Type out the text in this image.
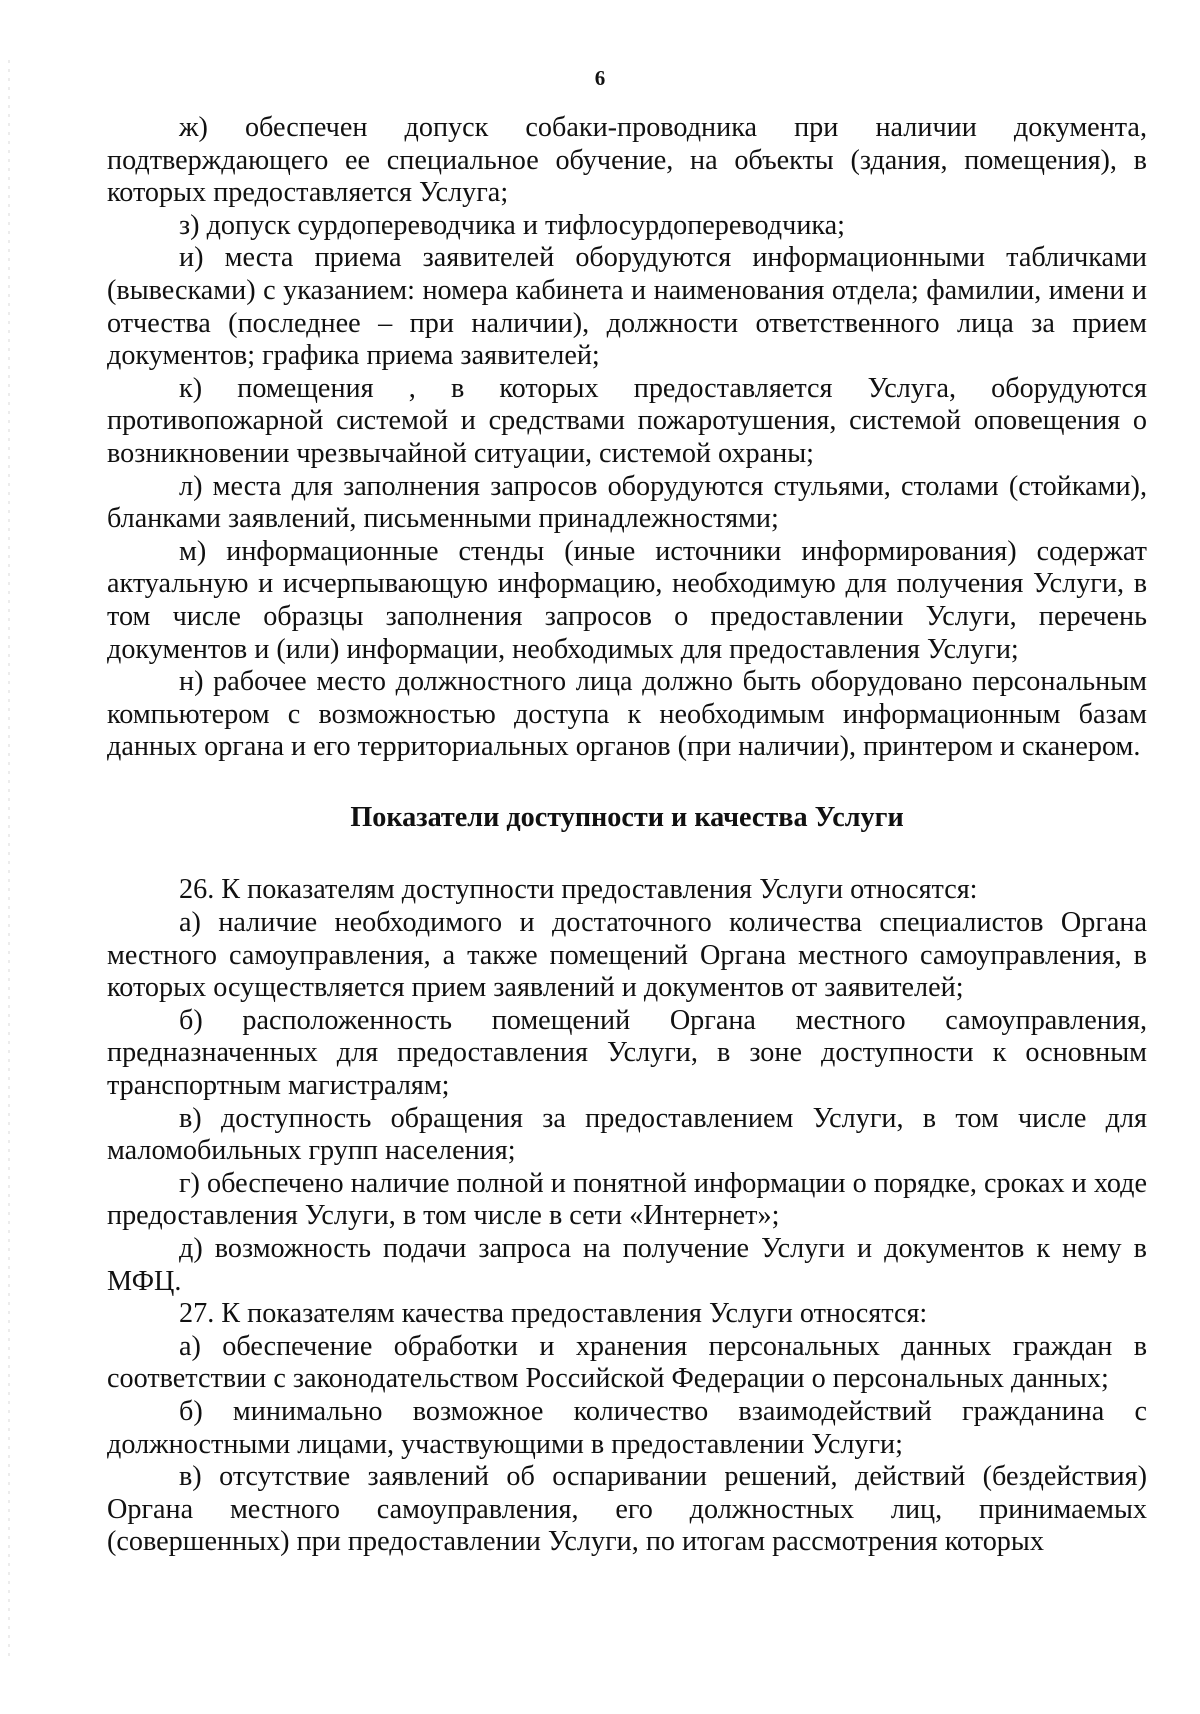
6

ж) обеспечен допуск собаки-проводника при наличии документа, подтверждающего ее специальное обучение, на объекты (здания, помещения), в которых предоставляется Услуга;

з) допуск сурдопереводчика и тифлосурдопереводчика;

и) места приема заявителей оборудуются информационными табличками (вывесками) с указанием: номера кабинета и наименования отдела; фамилии, имени и отчества (последнее – при наличии), должности ответственного лица за прием документов; графика приема заявителей;

к) помещения , в которых предоставляется Услуга, оборудуются противопожарной системой и средствами пожаротушения, системой оповещения о возникновении чрезвычайной ситуации, системой охраны;

л) места для заполнения запросов оборудуются стульями, столами (стойками), бланками заявлений, письменными принадлежностями;

м) информационные стенды (иные источники информирования) содержат актуальную и исчерпывающую информацию, необходимую для получения Услуги, в том числе образцы заполнения запросов о предоставлении Услуги, перечень документов и (или) информации, необходимых для предоставления Услуги;

н) рабочее место должностного лица должно быть оборудовано персональным компьютером с возможностью доступа к необходимым информационным базам данных органа и его территориальных органов (при наличии), принтером и сканером.

Показатели доступности и качества Услуги

26. К показателям доступности предоставления Услуги относятся:

а) наличие необходимого и достаточного количества специалистов Органа местного самоуправления, а также помещений Органа местного самоуправления, в которых осуществляется прием заявлений и документов от заявителей;

б) расположенность помещений Органа местного самоуправления, предназначенных для предоставления Услуги, в зоне доступности к основным транспортным магистралям;

в) доступность обращения за предоставлением Услуги, в том числе для маломобильных групп населения;

г) обеспечено наличие полной и понятной информации о порядке, сроках и ходе предоставления Услуги, в том числе в сети «Интернет»;

д) возможность подачи запроса на получение Услуги и документов к нему в МФЦ.

27. К показателям качества предоставления Услуги относятся:

а) обеспечение обработки и хранения персональных данных граждан в соответствии с законодательством Российской Федерации о персональных данных;

б) минимально возможное количество взаимодействий гражданина с должностными лицами, участвующими в предоставлении Услуги;

в) отсутствие заявлений об оспаривании решений, действий (бездействия) Органа местного самоуправления, его должностных лиц, принимаемых (совершенных) при предоставлении Услуги, по итогам рассмотрения которых
